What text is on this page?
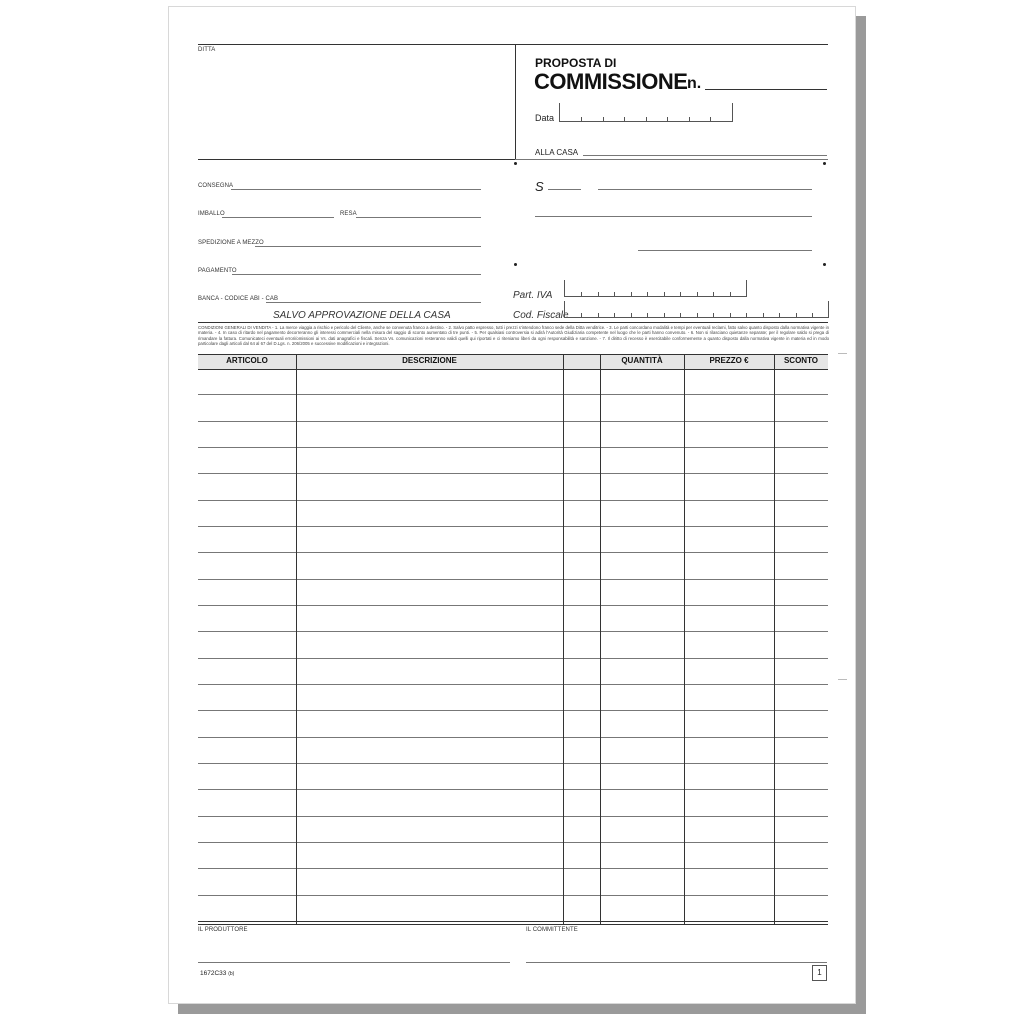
DITTA
PROPOSTA DI
COMMISSIONE n.
Data
ALLA CASA
CONSEGNA
IMBALLO	RESA
SPEDIZIONE A MEZZO
PAGAMENTO
BANCA - CODICE ABI - CAB
SALVO APPROVAZIONE DELLA CASA
S
Part. IVA
Cod. Fiscale
CONDIZIONI GENERALI DI VENDITA - 1. La merce viaggia a rischio e pericolo del Cliente, anche se convenuta franco a destino. - 2. Salvo patto espresso, tutti i prezzi s'intendono franco sede della Ditta venditrice. - 3. Le parti concordano modalità e tempi per eventuali reclami, fatto salvo quanto disposto dalla normativa vigente in materia. - 4. In caso di ritardo nel pagamento decorreranno gli interessi commerciali nella misura del saggio di sconto aumentato di tre punti. - 5. Per qualsiasi controversia si adirà l'Autorità Giudiziaria competente nel luogo che le parti hanno convenuto. - 6. Non si rilasciano quietanze separate; per il regolare saldo si prega di rimandare la fattura. Comunicateci eventuali errori/omissioni ai Vs. dati anagrafici e fiscali. Senza Vs. comunicazioni resteranno validi quelli qui riportati e ci riteniamo liberi da ogni responsabilità e sanzione. - 7. Il diritto di recesso è esercitabile conformemente a quanto disposto dalla normativa vigente in materia ed in modo particolare dagli articoli dal 64 al 67 del D.Lgs. n. 206/2005 e successive modificazioni e integrazioni.
ARTICOLO	DESCRIZIONE	QUANTITÀ	PREZZO €	SCONTO
IL PRODUTTORE	IL COMMITTENTE
1672C33 (b)	1
